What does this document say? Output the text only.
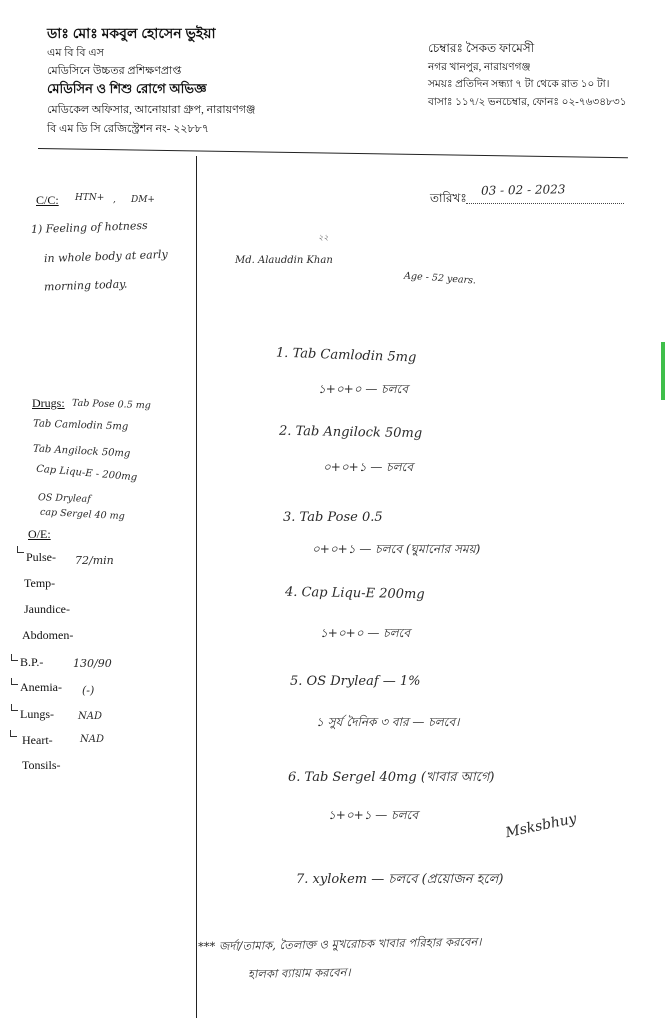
ডাঃ মোঃ মকবুল হোসেন ভুইয়া
এম বি বি এস
মেডিসিনে উচ্চতর প্রশিক্ষণপ্রাপ্ত
মেডিসিন ও শিশু রোগে অভিজ্ঞ
মেডিকেল অফিসার, আনোয়ারা গ্রুপ, নারায়ণগঞ্জ
বি এম ডি সি রেজিস্ট্রেশন নং- ২২৮৮৭
চেম্বারঃ সৈকত ফামেসী
নগর খানপুর, নারায়ণগঞ্জ
সময়ঃ প্রতিদিন সন্ধ্যা ৭ টা থেকে রাত ১০ টা।
বাসাঃ ১১৭/২ ভনচেম্বার, ফোনঃ ০২-৭৬৩৪৮৩১
তারিখঃ
03 - 02 - 2023
C/C: HTN+ , DM+
1) Feeling of hotness
in whole body at early
morning today.
Drugs: Tab Pose 0.5 mg
Tab Camlodin 5mg
Tab Angilock 50mg
Cap Liqu-E - 200mg
OS Dryleaf
cap Sergel 40 mg
O/E:
Pulse- 72/min
Temp-
Jaundice-
Abdomen-
B.P.-	130/90
Anemia- (-)
Lungs- NAD
Heart-	NAD
Tonsils-
২২
Md. Alauddin Khan
Age - 52 years.
1. Tab Camlodin 5mg
১+০+০ — চলবে
2. Tab Angilock 50mg
০+০+১ — চলবে
3. Tab Pose 0.5
০+০+১ — চলবে (ঘুমানোর সময়)
4. Cap Liqu-E 200mg
১+০+০ — চলবে
5. OS Dryleaf — 1%
১ সুর্য দৈনিক ৩ বার — চলবে।
6. Tab Sergel 40mg (খাবার আগে)
১+০+১ — চলবে
7. xylokem — চলবে (প্রয়োজন হলে)
Msksbhuy
*** জর্দা/তামাক, তৈলাক্ত ও মুখরোচক খাবার পরিহার করবেন।
হালকা ব্যায়াম করবেন।
